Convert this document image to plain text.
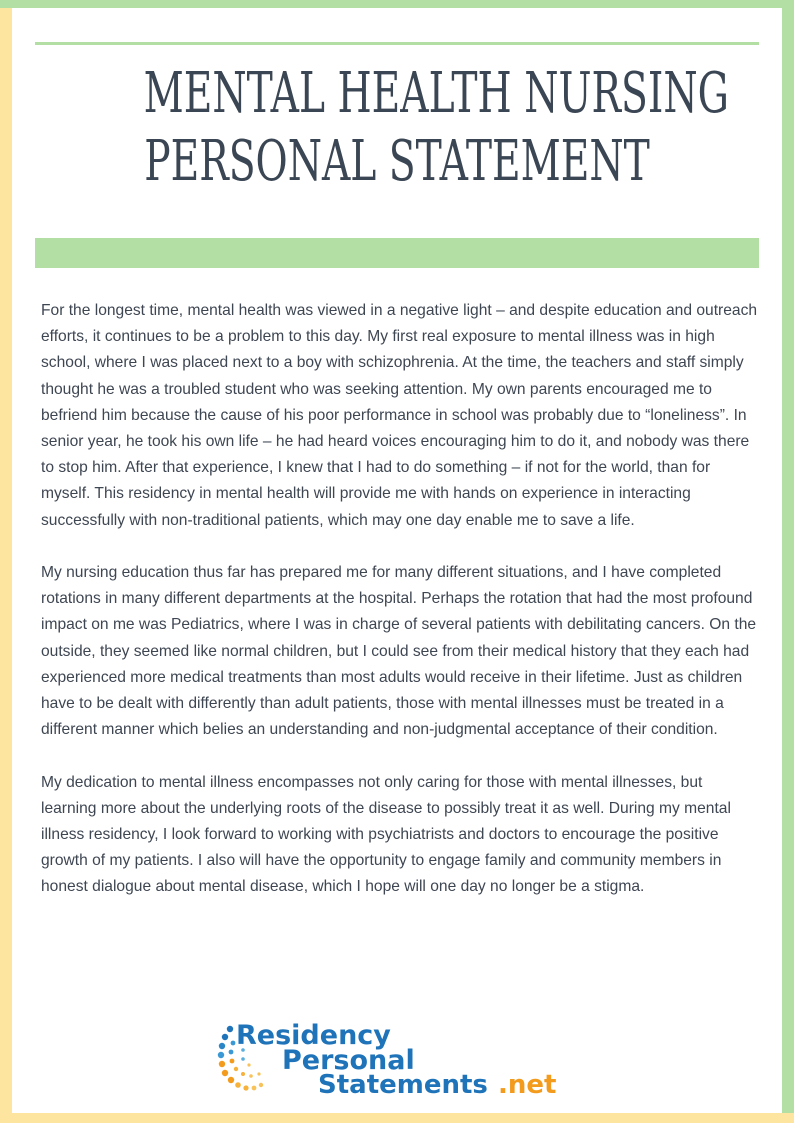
MENTAL HEALTH NURSING
PERSONAL STATEMENT

For the longest time, mental health was viewed in a negative light – and despite education and outreach efforts, it continues to be a problem to this day. My first real exposure to mental illness was in high school, where I was placed next to a boy with schizophrenia. At the time, the teachers and staff simply thought he was a troubled student who was seeking attention. My own parents encouraged me to befriend him because the cause of his poor performance in school was probably due to “loneliness”. In senior year, he took his own life – he had heard voices encouraging him to do it, and nobody was there to stop him. After that experience, I knew that I had to do something – if not for the world, than for myself. This residency in mental health will provide me with hands on experience in interacting successfully with non-traditional patients, which may one day enable me to save a life.

My nursing education thus far has prepared me for many different situations, and I have completed rotations in many different departments at the hospital. Perhaps the rotation that had the most profound impact on me was Pediatrics, where I was in charge of several patients with debilitating cancers. On the outside, they seemed like normal children, but I could see from their medical history that they each had experienced more medical treatments than most adults would receive in their lifetime. Just as children have to be dealt with differently than adult patients, those with mental illnesses must be treated in a different manner which belies an understanding and non-judgmental acceptance of their condition.

My dedication to mental illness encompasses not only caring for those with mental illnesses, but learning more about the underlying roots of the disease to possibly treat it as well. During my mental illness residency, I look forward to working with psychiatrists and doctors to encourage the positive growth of my patients. I also will have the opportunity to engage family and community members in honest dialogue about mental disease, which I hope will one day no longer be a stigma.

Residency
Personal
Statements .net
